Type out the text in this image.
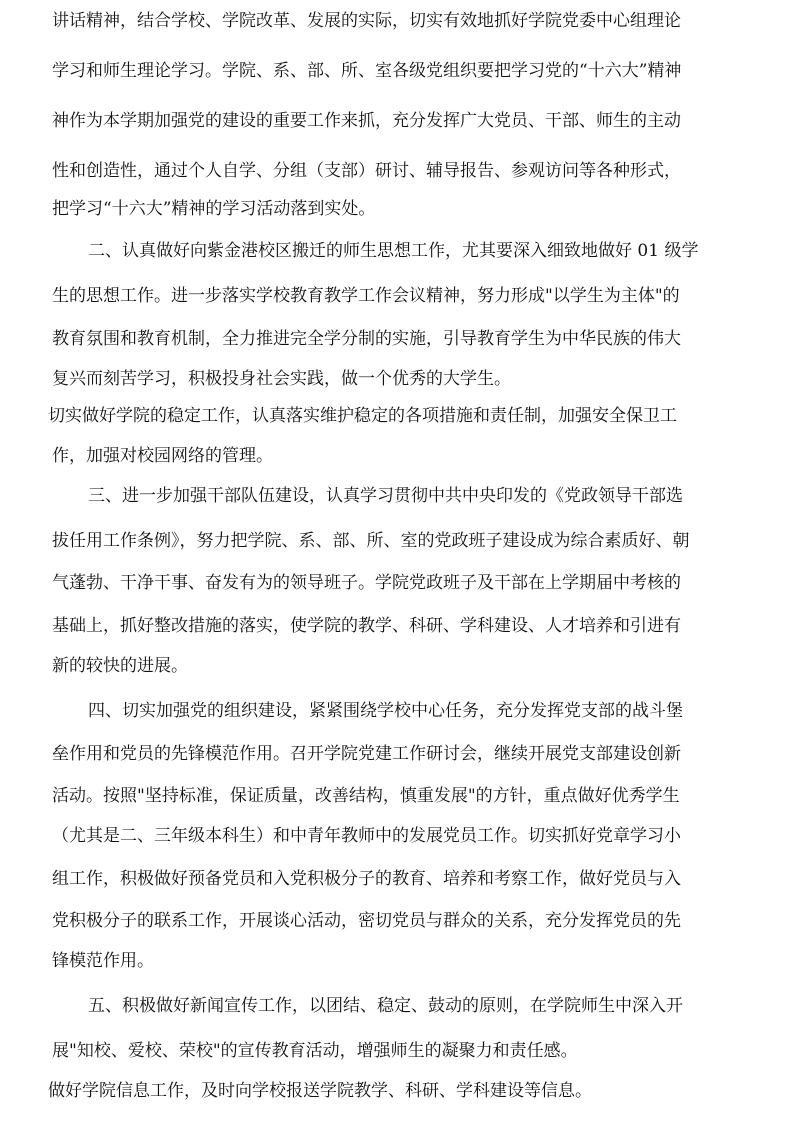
讲话精神，结合学校、学院改革、发展的实际，切实有效地抓好学院党委中心组理论
学习和师生理论学习。学院、系、部、所、室各级党组织要把学习党的“十六大”精神
神作为本学期加强党的建设的重要工作来抓，充分发挥广大党员、干部、师生的主动
性和创造性，通过个人自学、分组（支部）研讨、辅导报告、参观访问等各种形式，
把学习“十六大”精神的学习活动落到实处。
二、认真做好向紫金港校区搬迁的师生思想工作，尤其要深入细致地做好 01 级学
生的思想工作。进一步落实学校教育教学工作会议精神，努力形成"以学生为主体"的
教育氛围和教育机制，全力推进完全学分制的实施，引导教育学生为中华民族的伟大
复兴而刻苦学习，积极投身社会实践，做一个优秀的大学生。
切实做好学院的稳定工作，认真落实维护稳定的各项措施和责任制，加强安全保卫工
作，加强对校园网络的管理。
三、进一步加强干部队伍建设，认真学习贯彻中共中央印发的《党政领导干部选
拔任用工作条例》，努力把学院、系、部、所、室的党政班子建设成为综合素质好、朝
气蓬勃、干净干事、奋发有为的领导班子。学院党政班子及干部在上学期届中考核的
基础上，抓好整改措施的落实，使学院的教学、科研、学科建设、人才培养和引进有
新的较快的进展。
四、切实加强党的组织建设，紧紧围绕学校中心任务，充分发挥党支部的战斗堡
垒作用和党员的先锋模范作用。召开学院党建工作研讨会，继续开展党支部建设创新
活动。按照"坚持标准，保证质量，改善结构，慎重发展"的方针，重点做好优秀学生
（尤其是二、三年级本科生）和中青年教师中的发展党员工作。切实抓好党章学习小
组工作，积极做好预备党员和入党积极分子的教育、培养和考察工作，做好党员与入
党积极分子的联系工作，开展谈心活动，密切党员与群众的关系，充分发挥党员的先
锋模范作用。
五、积极做好新闻宣传工作，以团结、稳定、鼓动的原则，在学院师生中深入开
展"知校、爱校、荣校"的宣传教育活动，增强师生的凝聚力和责任感。
做好学院信息工作，及时向学校报送学院教学、科研、学科建设等信息。
